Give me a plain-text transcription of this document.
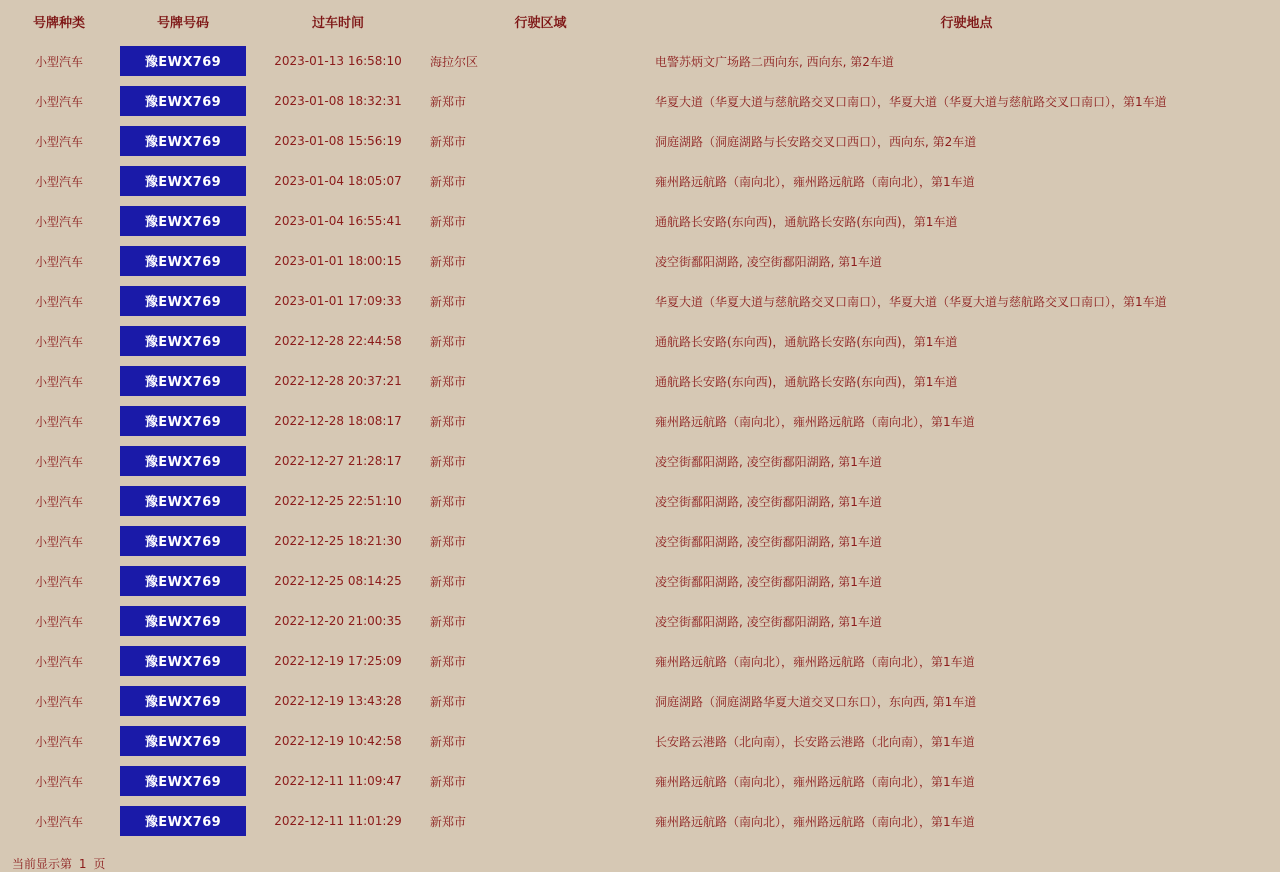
号牌种类	号牌号码	过车时间	行驶区域	行驶地点
小型汽车	豫EWX769	2023-01-13 16:58:10	海拉尔区	电警苏炳文广场路二西向东, 西向东, 第2车道
小型汽车	豫EWX769	2023-01-08 18:32:31	新郑市	华夏大道（华夏大道与慈航路交叉口南口），华夏大道（华夏大道与慈航路交叉口南口），第1车道
小型汽车	豫EWX769	2023-01-08 15:56:19	新郑市	洞庭湖路（洞庭湖路与长安路交叉口西口），西向东, 第2车道
小型汽车	豫EWX769	2023-01-04 18:05:07	新郑市	雍州路远航路（南向北），雍州路远航路（南向北），第1车道
小型汽车	豫EWX769	2023-01-04 16:55:41	新郑市	通航路长安路(东向西)，通航路长安路(东向西)，第1车道
小型汽车	豫EWX769	2023-01-01 18:00:15	新郑市	凌空街鄱阳湖路, 凌空街鄱阳湖路, 第1车道
小型汽车	豫EWX769	2023-01-01 17:09:33	新郑市	华夏大道（华夏大道与慈航路交叉口南口），华夏大道（华夏大道与慈航路交叉口南口），第1车道
小型汽车	豫EWX769	2022-12-28 22:44:58	新郑市	通航路长安路(东向西)，通航路长安路(东向西)，第1车道
小型汽车	豫EWX769	2022-12-28 20:37:21	新郑市	通航路长安路(东向西)，通航路长安路(东向西)，第1车道
小型汽车	豫EWX769	2022-12-28 18:08:17	新郑市	雍州路远航路（南向北），雍州路远航路（南向北），第1车道
小型汽车	豫EWX769	2022-12-27 21:28:17	新郑市	凌空街鄱阳湖路, 凌空街鄱阳湖路, 第1车道
小型汽车	豫EWX769	2022-12-25 22:51:10	新郑市	凌空街鄱阳湖路, 凌空街鄱阳湖路, 第1车道
小型汽车	豫EWX769	2022-12-25 18:21:30	新郑市	凌空街鄱阳湖路, 凌空街鄱阳湖路, 第1车道
小型汽车	豫EWX769	2022-12-25 08:14:25	新郑市	凌空街鄱阳湖路, 凌空街鄱阳湖路, 第1车道
小型汽车	豫EWX769	2022-12-20 21:00:35	新郑市	凌空街鄱阳湖路, 凌空街鄱阳湖路, 第1车道
小型汽车	豫EWX769	2022-12-19 17:25:09	新郑市	雍州路远航路（南向北），雍州路远航路（南向北），第1车道
小型汽车	豫EWX769	2022-12-19 13:43:28	新郑市	洞庭湖路（洞庭湖路华夏大道交叉口东口），东向西, 第1车道
小型汽车	豫EWX769	2022-12-19 10:42:58	新郑市	长安路云港路（北向南），长安路云港路（北向南），第1车道
小型汽车	豫EWX769	2022-12-11 11:09:47	新郑市	雍州路远航路（南向北），雍州路远航路（南向北），第1车道
小型汽车	豫EWX769	2022-12-11 11:01:29	新郑市	雍州路远航路（南向北），雍州路远航路（南向北），第1车道
当前显示第 1 页
